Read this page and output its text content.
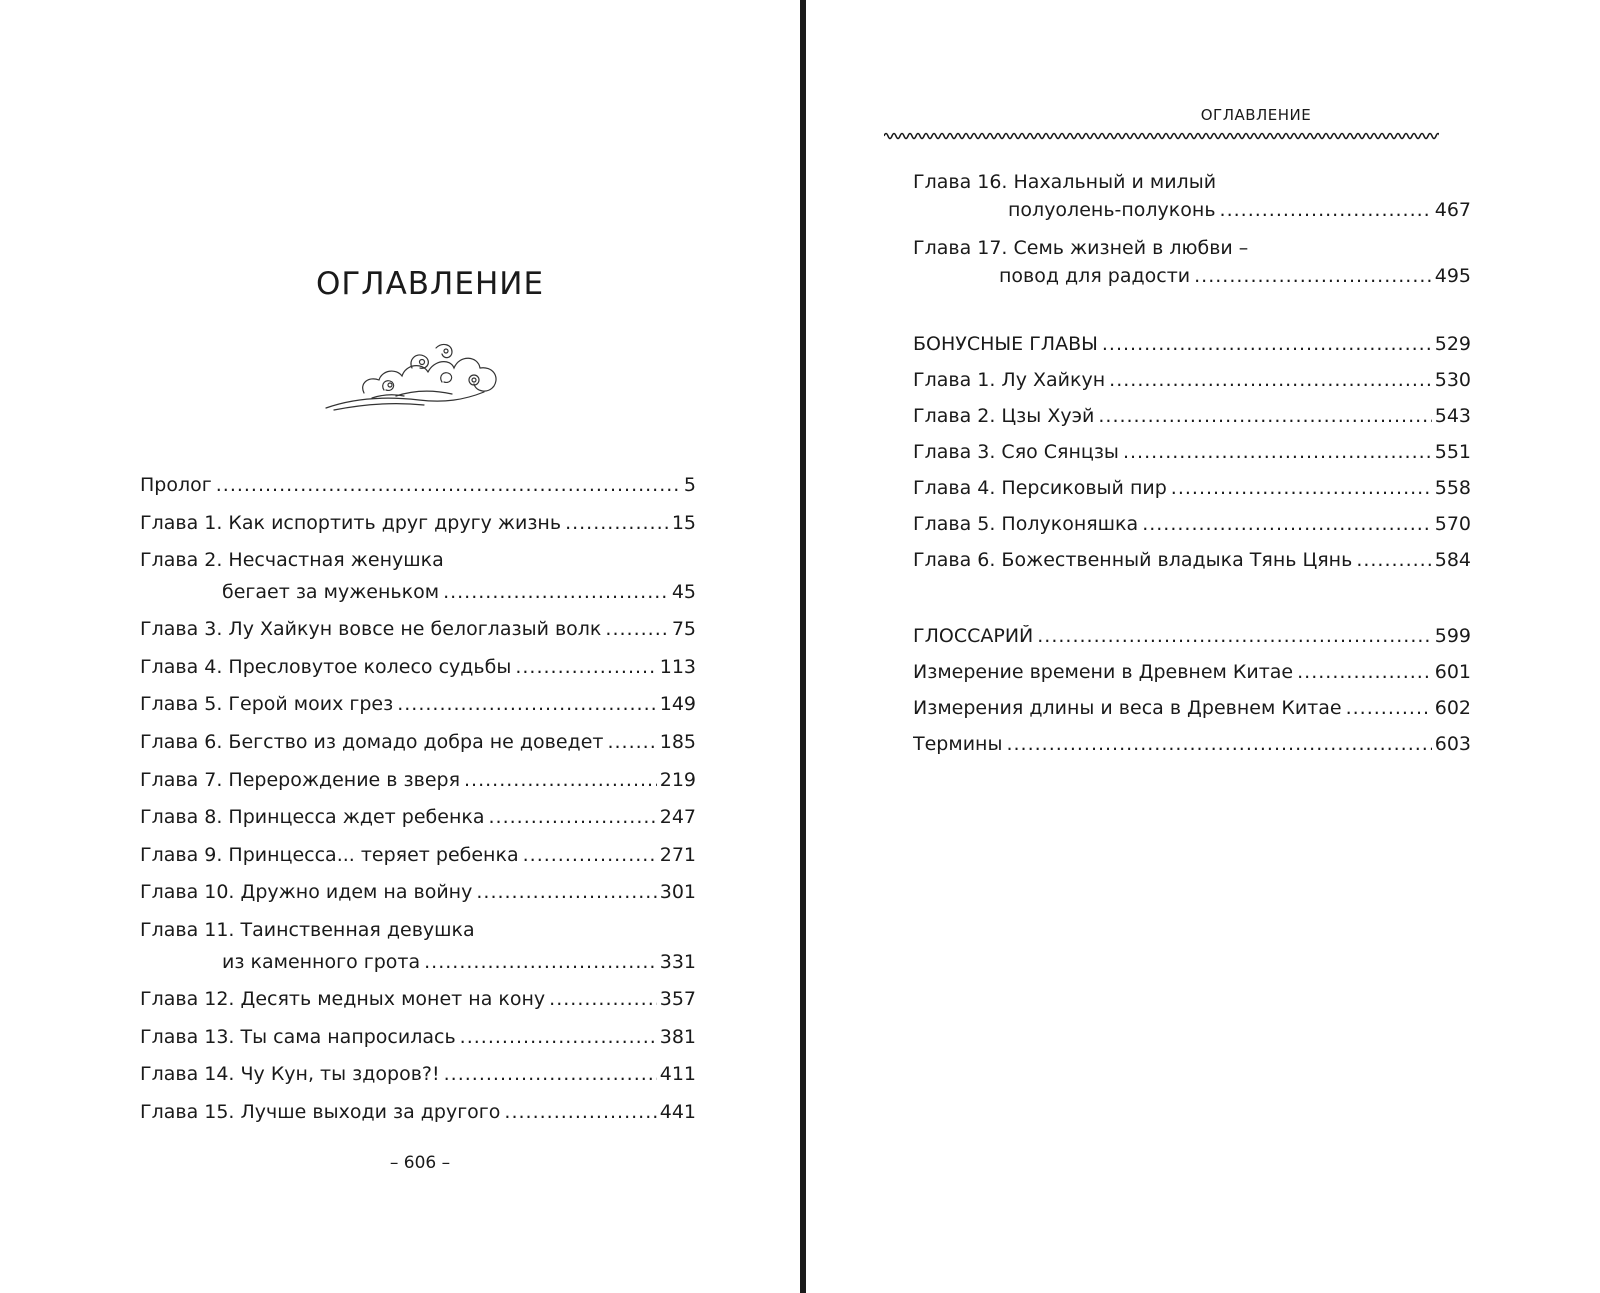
ОГЛАВЛЕНИЕ
Пролог .....	5
Глава 1. Как испортить друг другу жизнь .....	15
Глава 2. Несчастная женушка
бегает за муженьком .....	45
Глава 3. Лу Хайкун вовсе не белоглазый волк .....	75
Глава 4. Пресловутое колесо судьбы .....	113
Глава 5. Герой моих грез .....	149
Глава 6. Бегство из домадо добра не доведет .....	185
Глава 7. Перерождение в зверя .....	219
Глава 8. Принцесса ждет ребенка .....	247
Глава 9. Принцесса... теряет ребенка .....	271
Глава 10. Дружно идем на войну .....	301
Глава 11. Таинственная девушка
из каменного грота .....	331
Глава 12. Десять медных монет на кону .....	357
Глава 13. Ты сама напросилась .....	381
Глава 14. Чу Кун, ты здоров?! .....	411
Глава 15. Лучше выходи за другого .....	441
– 606 –
ОГЛАВЛЕНИЕ
Глава 16. Нахальный и милый
полуолень-полуконь .....	467
Глава 17. Семь жизней в любви –
повод для радости .....	495
БОНУСНЫЕ ГЛАВЫ .....	529
Глава 1. Лу Хайкун .....	530
Глава 2. Цзы Хуэй .....	543
Глава 3. Сяо Сянцзы .....	551
Глава 4. Персиковый пир .....	558
Глава 5. Полуконяшка .....	570
Глава 6. Божественный владыка Тянь Цянь .....	584
ГЛОССАРИЙ .....	599
Измерение времени в Древнем Китае .....	601
Измерения длины и веса в Древнем Китае .....	602
Термины .....	603
